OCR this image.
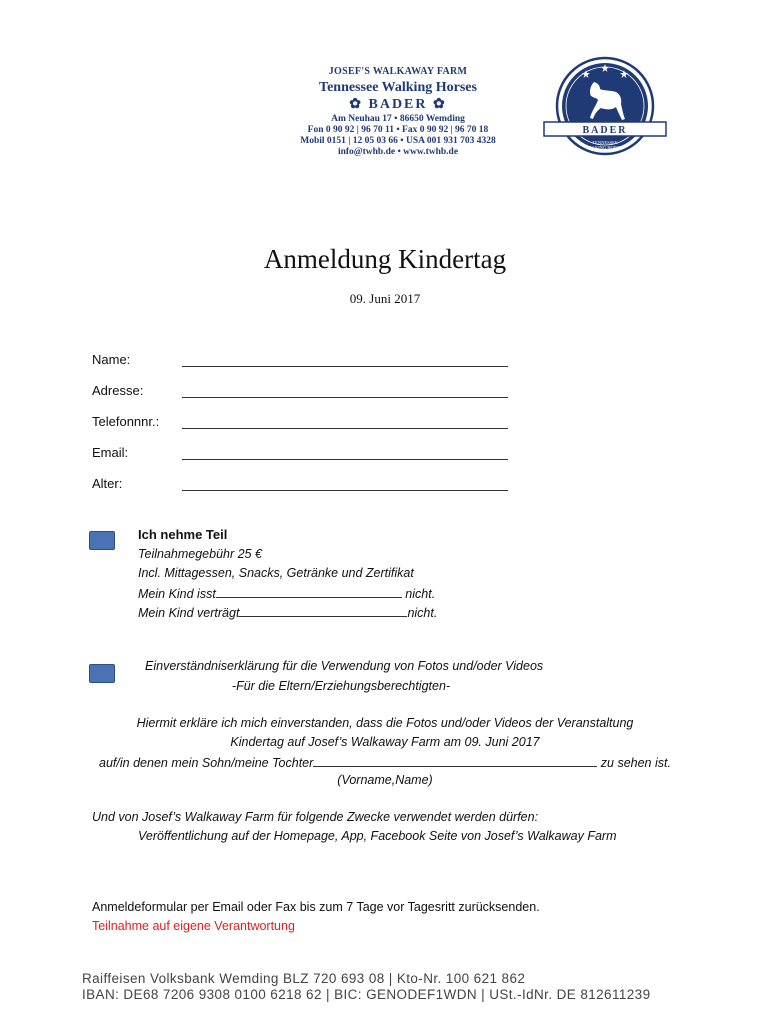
JOSEF'S WALKAWAY FARM
Tennessee Walking Horses
✿ BADER ✿
Am Neuhau 17 • 86650 Wemding
Fon 0 90 92 | 96 70 11 • Fax 0 90 92 | 96 70 18
Mobil 0151 | 12 05 03 66 • USA 001 931 703 4328
info@twhb.de • www.twhb.de
BADER
TENNESSEE
WALKING HORSES
Anmeldung Kindertag
09. Juni 2017
Name:
Adresse:
Telefonnnr.:
Email:
Alter:
Ich nehme Teil
Teilnahmegebühr 25 €
Incl. Mittagessen, Snacks, Getränke und Zertifikat
Mein Kind isst	nicht.
Mein Kind verträgt	nicht.
Einverständniserklärung für die Verwendung von Fotos und/oder Videos
-Für die Eltern/Erziehungsberechtigten-
Hiermit erkläre ich mich einverstanden, dass die Fotos und/oder Videos der Veranstaltung
Kindertag auf Josef’s Walkaway Farm am 09. Juni 2017
auf/in denen mein Sohn/meine Tochter	zu sehen ist.
(Vorname,Name)
Und von Josef’s Walkaway Farm für folgende Zwecke verwendet werden dürfen:
Veröffentlichung auf der Homepage, App, Facebook Seite von Josef’s Walkaway Farm
Anmeldeformular per Email oder Fax bis zum 7 Tage vor Tagesritt zurücksenden.
Teilnahme auf eigene Verantwortung
Raiffeisen Volksbank Wemding BLZ 720 693 08 | Kto-Nr. 100 621 862
IBAN: DE68 7206 9308 0100 6218 62 | BIC: GENODEF1WDN | USt.-IdNr. DE 812611239
